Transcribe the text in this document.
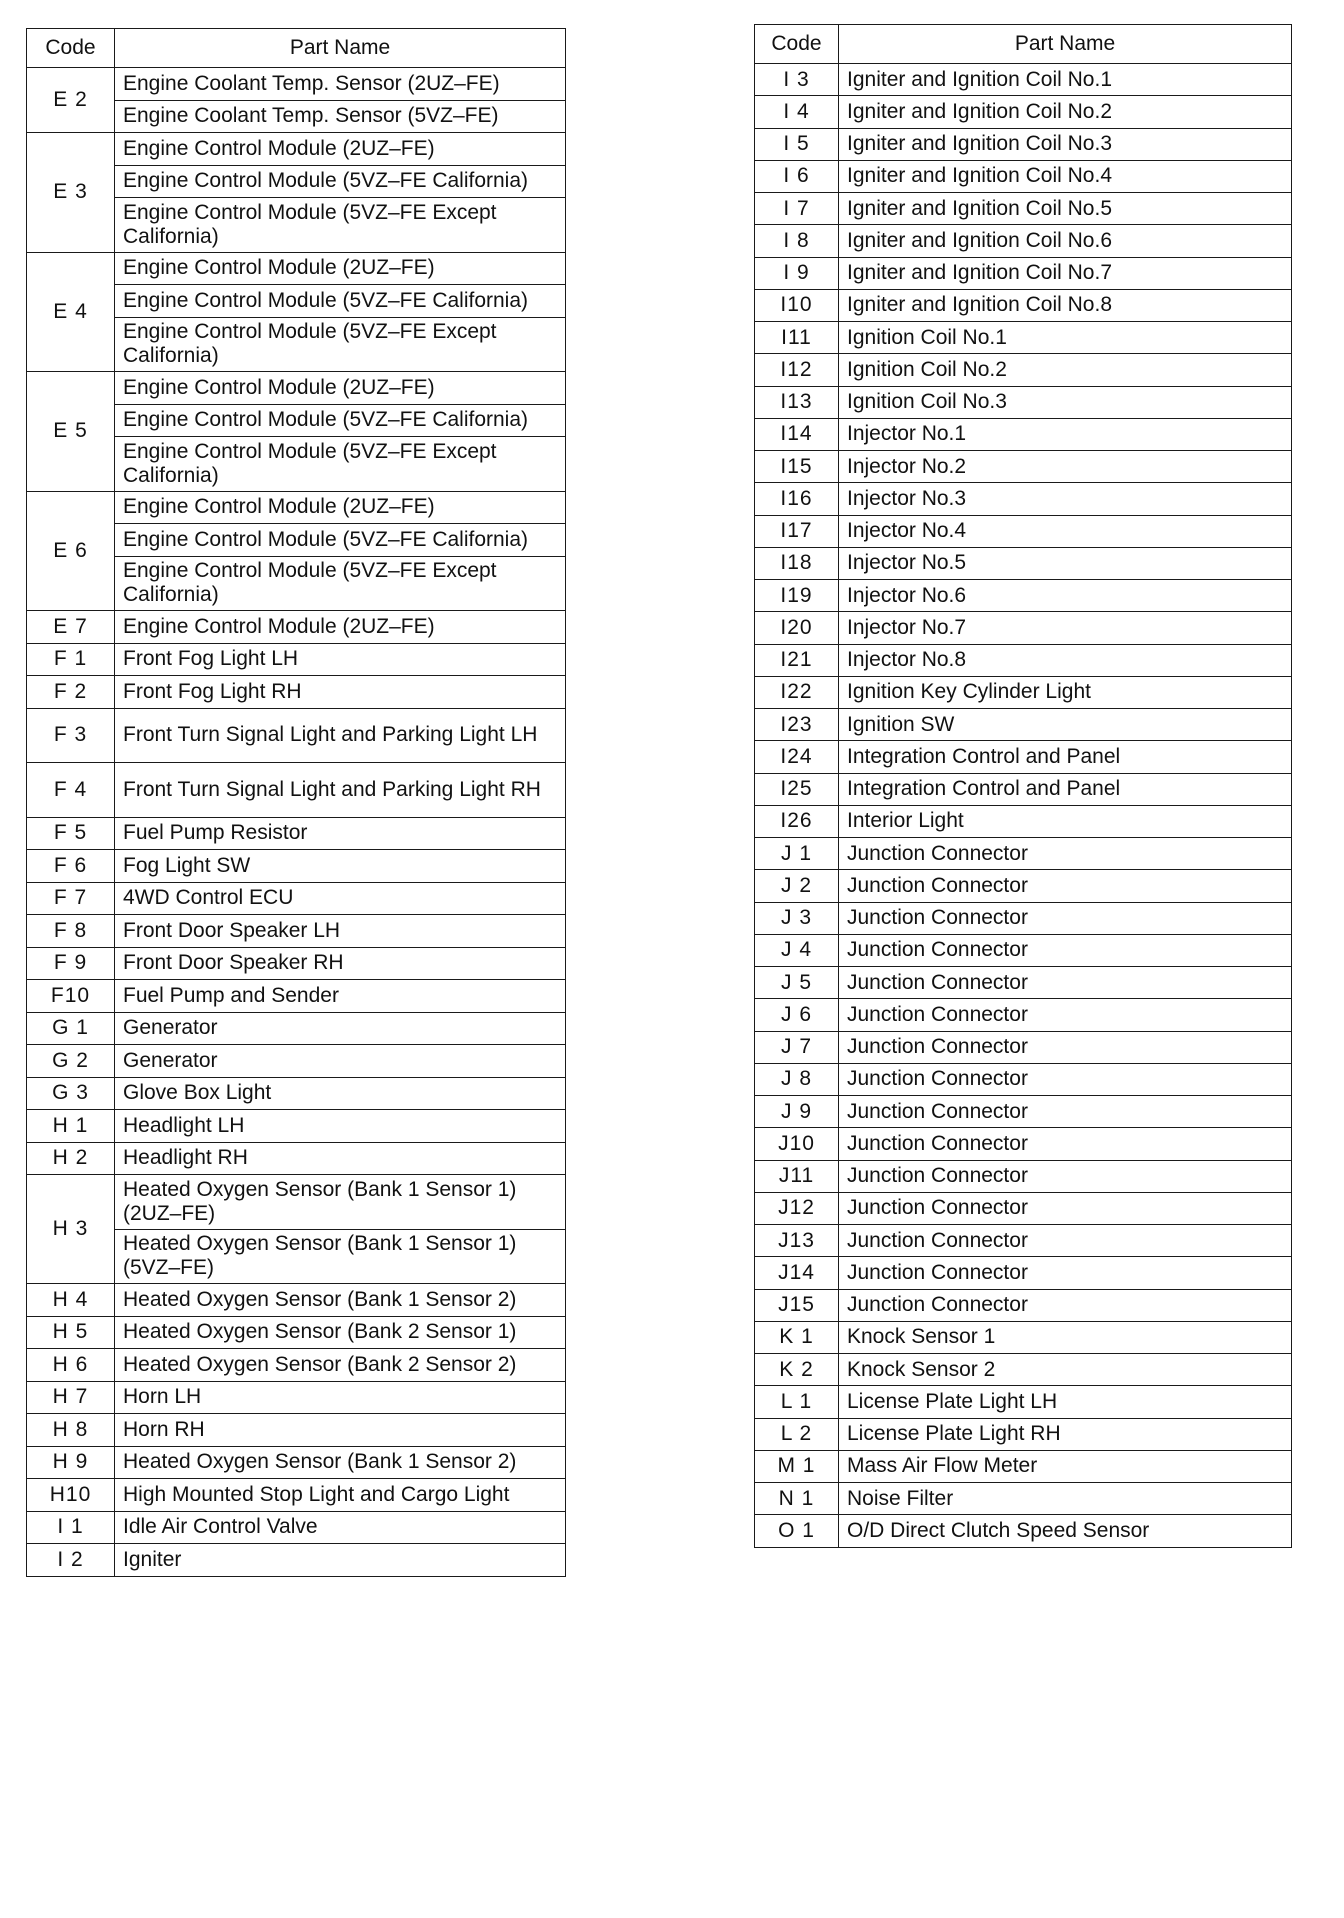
Code	Part Name
E 2	Engine Coolant Temp. Sensor (2UZ–FE)
	Engine Coolant Temp. Sensor (5VZ–FE)
E 3	Engine Control Module (2UZ–FE)
	Engine Control Module (5VZ–FE California)
	Engine Control Module (5VZ–FE Except California)
E 4	Engine Control Module (2UZ–FE)
	Engine Control Module (5VZ–FE California)
	Engine Control Module (5VZ–FE Except California)
E 5	Engine Control Module (2UZ–FE)
	Engine Control Module (5VZ–FE California)
	Engine Control Module (5VZ–FE Except California)
E 6	Engine Control Module (2UZ–FE)
	Engine Control Module (5VZ–FE California)
	Engine Control Module (5VZ–FE Except California)
E 7	Engine Control Module (2UZ–FE)
F 1	Front Fog Light LH
F 2	Front Fog Light RH
F 3	Front Turn Signal Light and Parking Light LH
F 4	Front Turn Signal Light and Parking Light RH
F 5	Fuel Pump Resistor
F 6	Fog Light SW
F 7	4WD Control ECU
F 8	Front Door Speaker LH
F 9	Front Door Speaker RH
F10	Fuel Pump and Sender
G 1	Generator
G 2	Generator
G 3	Glove Box Light
H 1	Headlight LH
H 2	Headlight RH
H 3	Heated Oxygen Sensor (Bank 1 Sensor 1) (2UZ–FE)
	Heated Oxygen Sensor (Bank 1 Sensor 1) (5VZ–FE)
H 4	Heated Oxygen Sensor (Bank 1 Sensor 2)
H 5	Heated Oxygen Sensor (Bank 2 Sensor 1)
H 6	Heated Oxygen Sensor (Bank 2 Sensor 2)
H 7	Horn LH
H 8	Horn RH
H 9	Heated Oxygen Sensor (Bank 1 Sensor 2)
H10	High Mounted Stop Light and Cargo Light
I 1	Idle Air Control Valve
I 2	Igniter
Code	Part Name
I 3	Igniter and Ignition Coil No.1
I 4	Igniter and Ignition Coil No.2
I 5	Igniter and Ignition Coil No.3
I 6	Igniter and Ignition Coil No.4
I 7	Igniter and Ignition Coil No.5
I 8	Igniter and Ignition Coil No.6
I 9	Igniter and Ignition Coil No.7
I10	Igniter and Ignition Coil No.8
I11	Ignition Coil No.1
I12	Ignition Coil No.2
I13	Ignition Coil No.3
I14	Injector No.1
I15	Injector No.2
I16	Injector No.3
I17	Injector No.4
I18	Injector No.5
I19	Injector No.6
I20	Injector No.7
I21	Injector No.8
I22	Ignition Key Cylinder Light
I23	Ignition SW
I24	Integration Control and Panel
I25	Integration Control and Panel
I26	Interior Light
J 1	Junction Connector
J 2	Junction Connector
J 3	Junction Connector
J 4	Junction Connector
J 5	Junction Connector
J 6	Junction Connector
J 7	Junction Connector
J 8	Junction Connector
J 9	Junction Connector
J10	Junction Connector
J11	Junction Connector
J12	Junction Connector
J13	Junction Connector
J14	Junction Connector
J15	Junction Connector
K 1	Knock Sensor 1
K 2	Knock Sensor 2
L 1	License Plate Light LH
L 2	License Plate Light RH
M 1	Mass Air Flow Meter
N 1	Noise Filter
O 1	O/D Direct Clutch Speed Sensor
